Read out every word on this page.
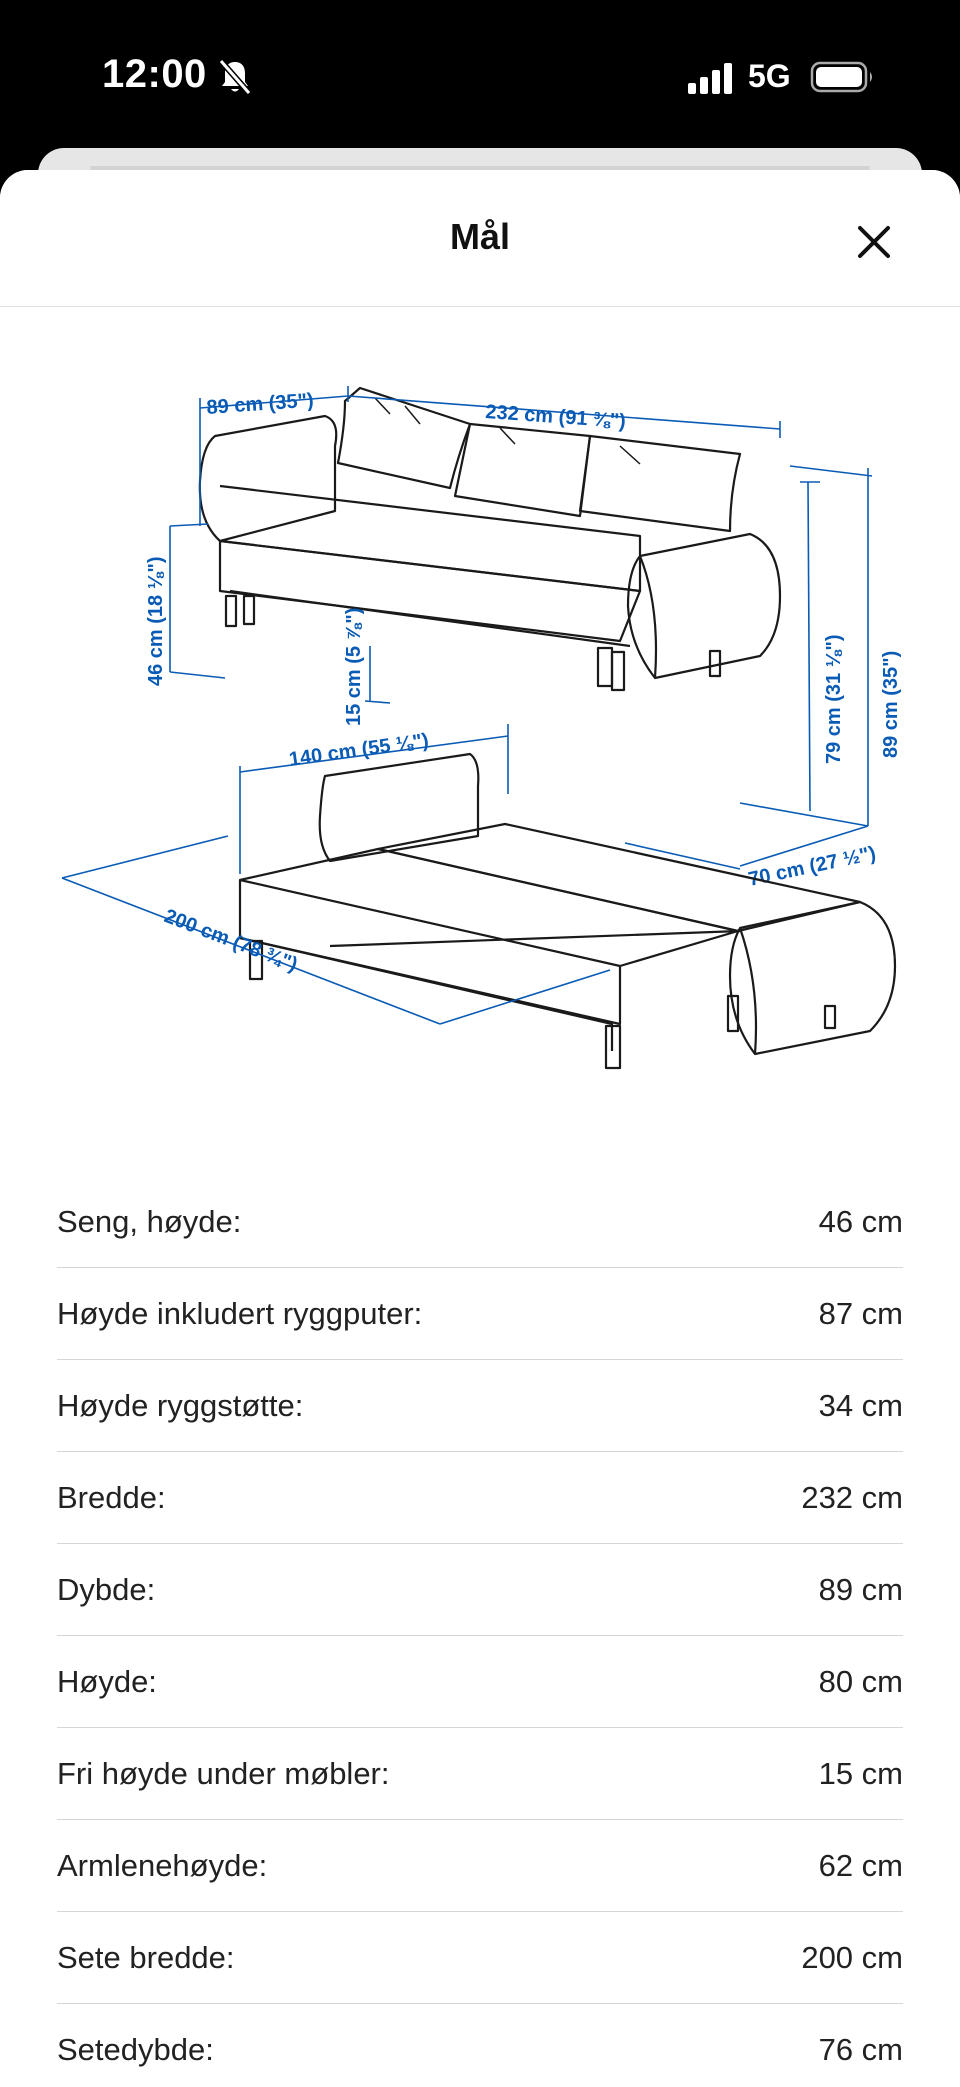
12:00	5G
Mål
89 cm (35")	232 cm (91 ⅜")
46 cm (18 ⅛")	15 cm (5 ⅞")	79 cm (31 ⅛") 89 cm (35")
70 cm (27 ½")
140 cm (55 ⅛")
200 cm (78 ¾")
Seng, høyde:	46 cm
Høyde inkludert ryggputer:	87 cm
Høyde ryggstøtte:	34 cm
Bredde:	232 cm
Dybde:	89 cm
Høyde:	80 cm
Fri høyde under møbler:	15 cm
Armlenehøyde:	62 cm
Sete bredde:	200 cm
Setedybde:	76 cm
